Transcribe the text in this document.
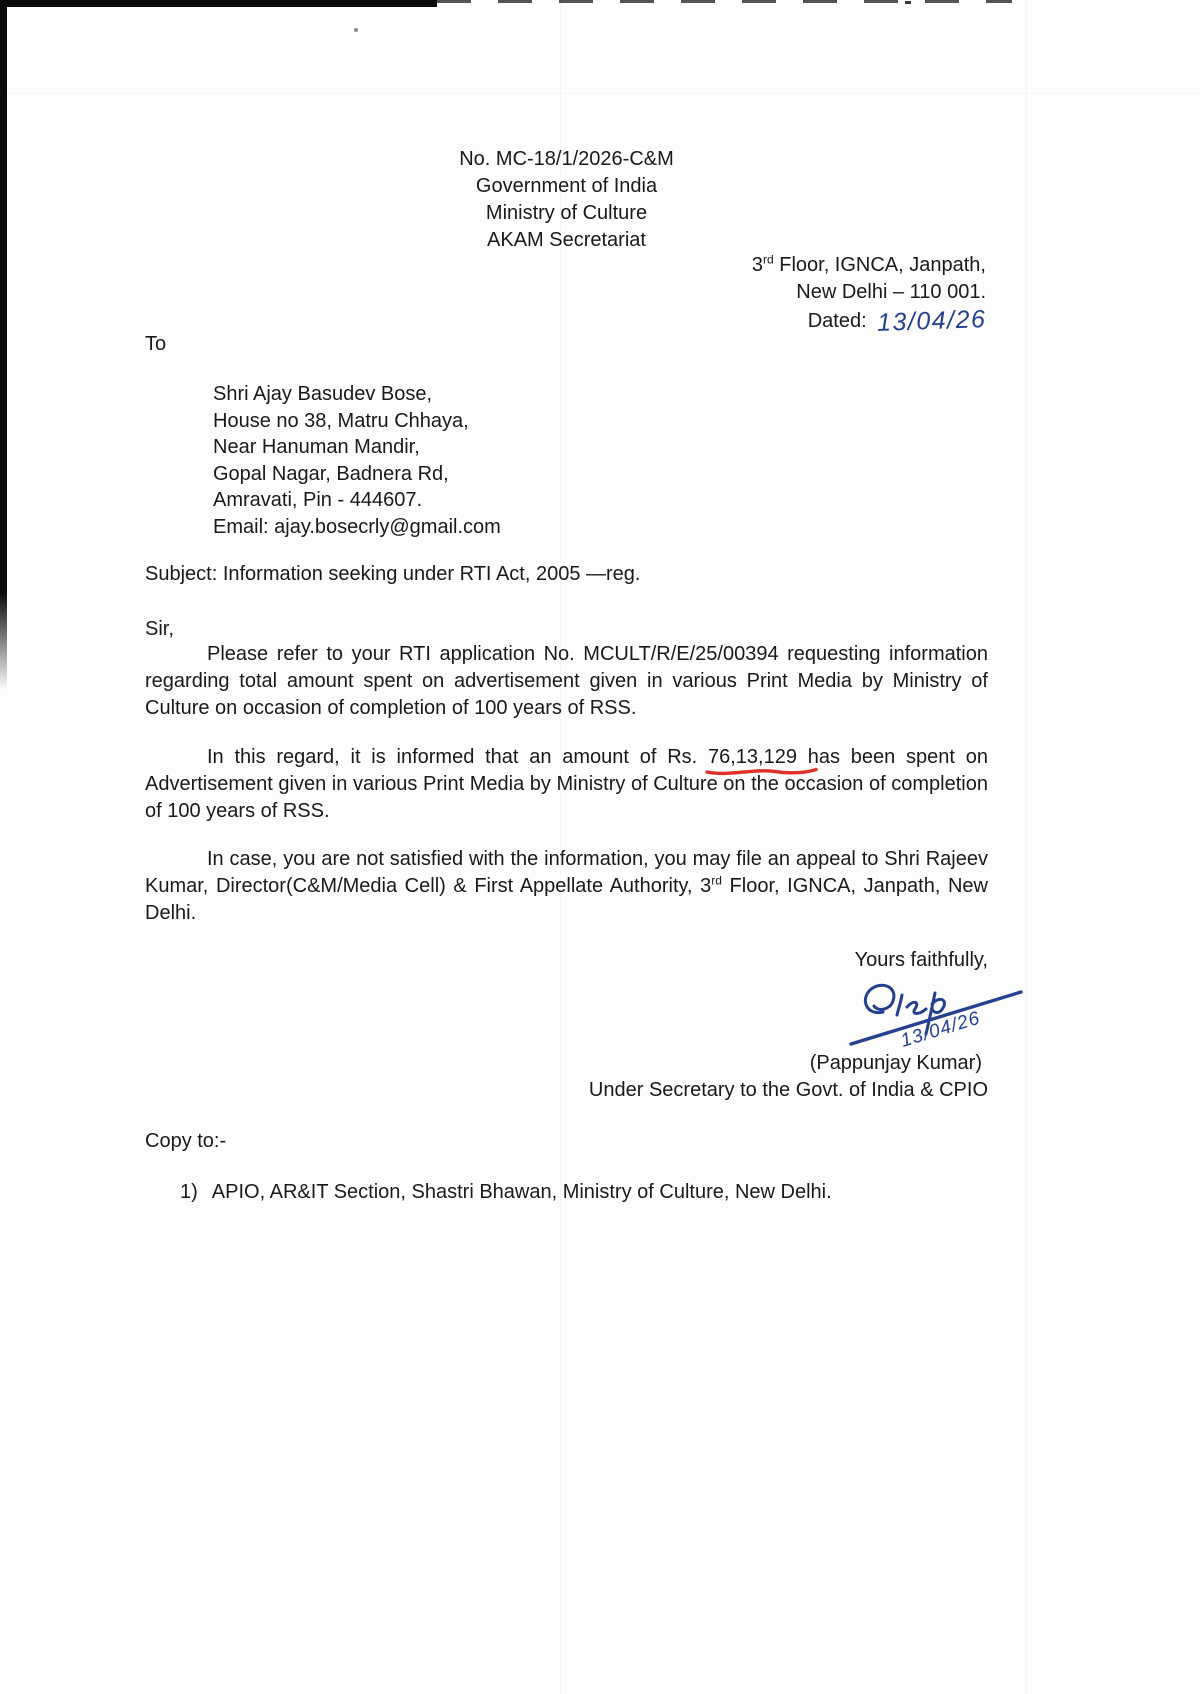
No. MC-18/1/2026-C&M
Government of India
Ministry of Culture
AKAM Secretariat
3rd Floor, IGNCA, Janpath,
New Delhi – 110 001.
Dated: 13/04/26
To
Shri Ajay Basudev Bose,
House no 38, Matru Chhaya,
Near Hanuman Mandir,
Gopal Nagar, Badnera Rd,
Amravati, Pin - 444607.
Email: ajay.bosecrly@gmail.com
Subject: Information seeking under RTI Act, 2005 —reg.
Sir,
Please refer to your RTI application No. MCULT/R/E/25/00394 requesting information regarding total amount spent on advertisement given in various Print Media by Ministry of Culture on occasion of completion of 100 years of RSS.
In this regard, it is informed that an amount of Rs. 76,13,129
has been spent on Advertisement given in various Print Media by Ministry of Culture on the occasion of completion of 100 years of RSS.
In case, you are not satisfied with the information, you may file an appeal to Shri Rajeev Kumar, Director(C&M/Media Cell) & First Appellate Authority, 3rd Floor, IGNCA, Janpath, New Delhi.
Yours faithfully,
13/04/26
(Pappunjay Kumar)
Under Secretary to the Govt. of India & CPIO
Copy to:-
1) APIO, AR&IT Section, Shastri Bhawan, Ministry of Culture, New Delhi.
